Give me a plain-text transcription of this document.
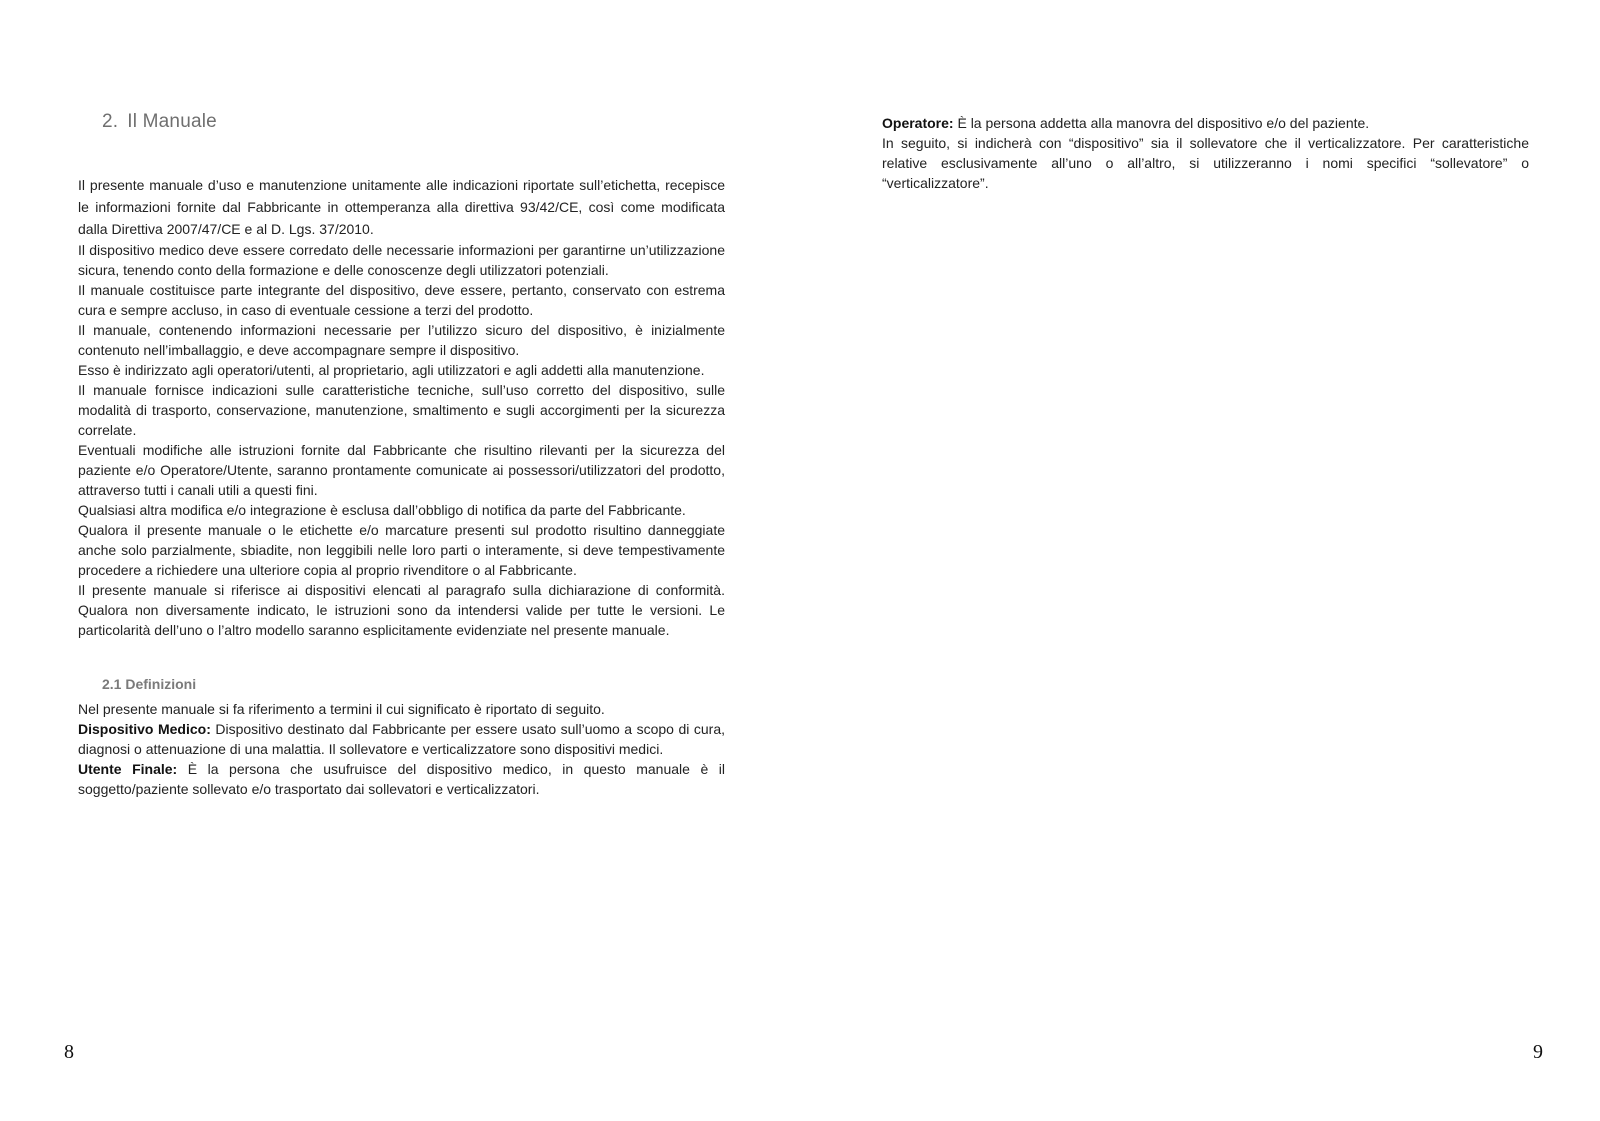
2. Il Manuale

Il presente manuale d’uso e manutenzione unitamente alle indicazioni riportate sull’etichetta, recepisce le informazioni fornite dal Fabbricante in ottemperanza alla direttiva 93/42/CE, così come modificata dalla Direttiva 2007/47/CE e al D. Lgs. 37/2010.

Il dispositivo medico deve essere corredato delle necessarie informazioni per garantirne un’utilizzazione sicura, tenendo conto della formazione e delle conoscenze degli utilizzatori potenziali.

Il manuale costituisce parte integrante del dispositivo, deve essere, pertanto, conservato con estrema cura e sempre accluso, in caso di eventuale cessione a terzi del prodotto.

Il manuale, contenendo informazioni necessarie per l’utilizzo sicuro del dispositivo, è inizialmente contenuto nell’imballaggio, e deve accompagnare sempre il dispositivo.

Esso è indirizzato agli operatori/utenti, al proprietario, agli utilizzatori e agli addetti alla manutenzione.

Il manuale fornisce indicazioni sulle caratteristiche tecniche, sull’uso corretto del dispositivo, sulle modalità di trasporto, conservazione, manutenzione, smaltimento e sugli accorgimenti per la sicurezza correlate.

Eventuali modifiche alle istruzioni fornite dal Fabbricante che risultino rilevanti per la sicurezza del paziente e/o Operatore/Utente, saranno prontamente comunicate ai possessori/utilizzatori del prodotto, attraverso tutti i canali utili a questi fini.

Qualsiasi altra modifica e/o integrazione è esclusa dall’obbligo di notifica da parte del Fabbricante.

Qualora il presente manuale o le etichette e/o marcature presenti sul prodotto risultino danneggiate anche solo parzialmente, sbiadite, non leggibili nelle loro parti o interamente, si deve tempestivamente procedere a richiedere una ulteriore copia al proprio rivenditore o al Fabbricante.

Il presente manuale si riferisce ai dispositivi elencati al paragrafo sulla dichiarazione di conformità. Qualora non diversamente indicato, le istruzioni sono da intendersi valide per tutte le versioni. Le particolarità dell’uno o l’altro modello saranno esplicitamente evidenziate nel presente manuale.

2.1 Definizioni

Nel presente manuale si fa riferimento a termini il cui significato è riportato di seguito.

Dispositivo Medico: Dispositivo destinato dal Fabbricante per essere usato sull’uomo a scopo di cura, diagnosi o attenuazione di una malattia. Il sollevatore e verticalizzatore sono dispositivi medici.

Utente Finale: È la persona che usufruisce del dispositivo medico, in questo manuale è il soggetto/paziente sollevato e/o trasportato dai sollevatori e verticalizzatori.

8

Operatore: È la persona addetta alla manovra del dispositivo e/o del paziente.

In seguito, si indicherà con “dispositivo” sia il sollevatore che il verticalizzatore. Per caratteristiche relative esclusivamente all’uno o all’altro, si utilizzeranno i nomi specifici “sollevatore” o “verticalizzatore”.

9
